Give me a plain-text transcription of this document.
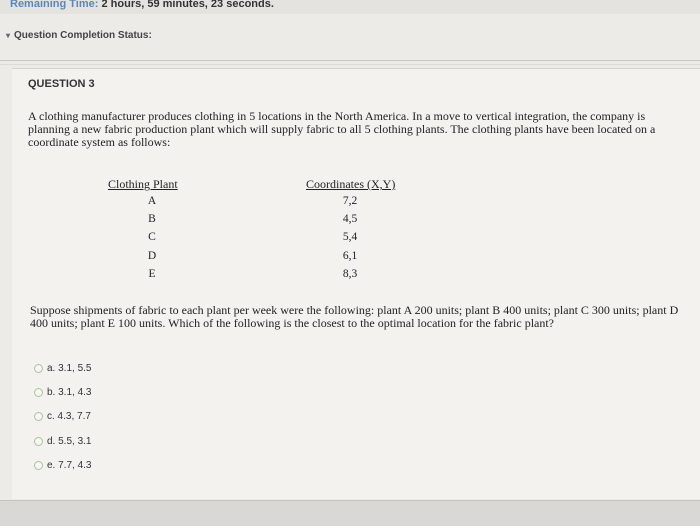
Remaining Time: 2 hours, 59 minutes, 23 seconds.
▾ Question Completion Status:
QUESTION 3
A clothing manufacturer produces clothing in 5 locations in the North America. In a move to vertical integration, the company is planning a new fabric production plant which will supply fabric to all 5 clothing plants. The clothing plants have been located on a coordinate system as follows:
Clothing Plant	Coordinates (X,Y)
A	7,2
B	4,5
C	5,4
D	6,1
E	8,3
Suppose shipments of fabric to each plant per week were the following: plant A 200 units; plant B 400 units; plant C 300 units; plant D 400 units; plant E 100 units. Which of the following is the closest to the optimal location for the fabric plant?
a. 3.1, 5.5
b. 3.1, 4.3
c. 4.3, 7.7
d. 5.5, 3.1
e. 7.7, 4.3
